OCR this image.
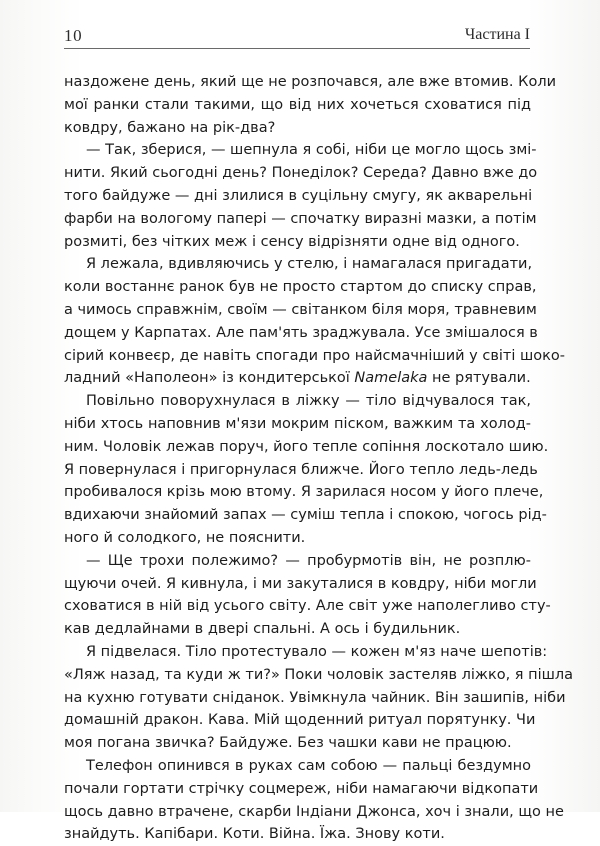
10	Частина І
наздожене день, який ще не розпочався, але вже втомив. Коли
мої ранки стали такими, що від них хочеться сховатися під
ковдру, бажано на рік-два?
— Так, зберися, — шепнула я собі, ніби це могло щось змі-
нити. Який сьогодні день? Понеділок? Середа? Давно вже до
того байдуже — дні злилися в суцільну смугу, як акварельні
фарби на вологому папері — спочатку виразні мазки, а потім
розмиті, без чітких меж і сенсу відрізняти одне від одного.
Я лежала, вдивляючись у стелю, і намагалася пригадати,
коли востаннє ранок був не просто стартом до списку справ,
а чимось справжнім, своїм — світанком біля моря, травневим
дощем у Карпатах. Але пам'ять зраджувала. Усе змішалося в
сірий конвеєр, де навіть спогади про найсмачніший у світі шоко-
ладний «Наполеон» із кондитерської Namelaka не рятували.
Повільно поворухнулася в ліжку — тіло відчувалося так,
ніби хтось наповнив м'язи мокрим піском, важким та холод-
ним. Чоловік лежав поруч, його тепле сопіння лоскотало шию.
Я повернулася і пригорнулася ближче. Його тепло ледь-ледь
пробивалося крізь мою втому. Я зарилася носом у його плече,
вдихаючи знайомий запах — суміш тепла і спокою, чогось рід-
ного й солодкого, не пояснити.
— Ще трохи полежимо? — пробурмотів він, не розплю-
щуючи очей. Я кивнула, і ми закуталися в ковдру, ніби могли
сховатися в ній від усього світу. Але світ уже наполегливо сту-
кав дедлайнами в двері спальні. А ось і будильник.
Я підвелася. Тіло протестувало — кожен м'яз наче шепотів:
«Ляж назад, та куди ж ти?» Поки чоловік застеляв ліжко, я пішла
на кухню готувати сніданок. Увімкнула чайник. Він зашипів, ніби
домашній дракон. Кава. Мій щоденний ритуал порятунку. Чи
моя погана звичка? Байдуже. Без чашки кави не працюю.
Телефон опинився в руках сам собою — пальці бездумно
почали гортати стрічку соцмереж, ніби намагаючи відкопати
щось давно втрачене, скарби Індіани Джонса, хоч і знали, що не
знайдуть. Капібари. Коти. Війна. Їжа. Знову коти.
